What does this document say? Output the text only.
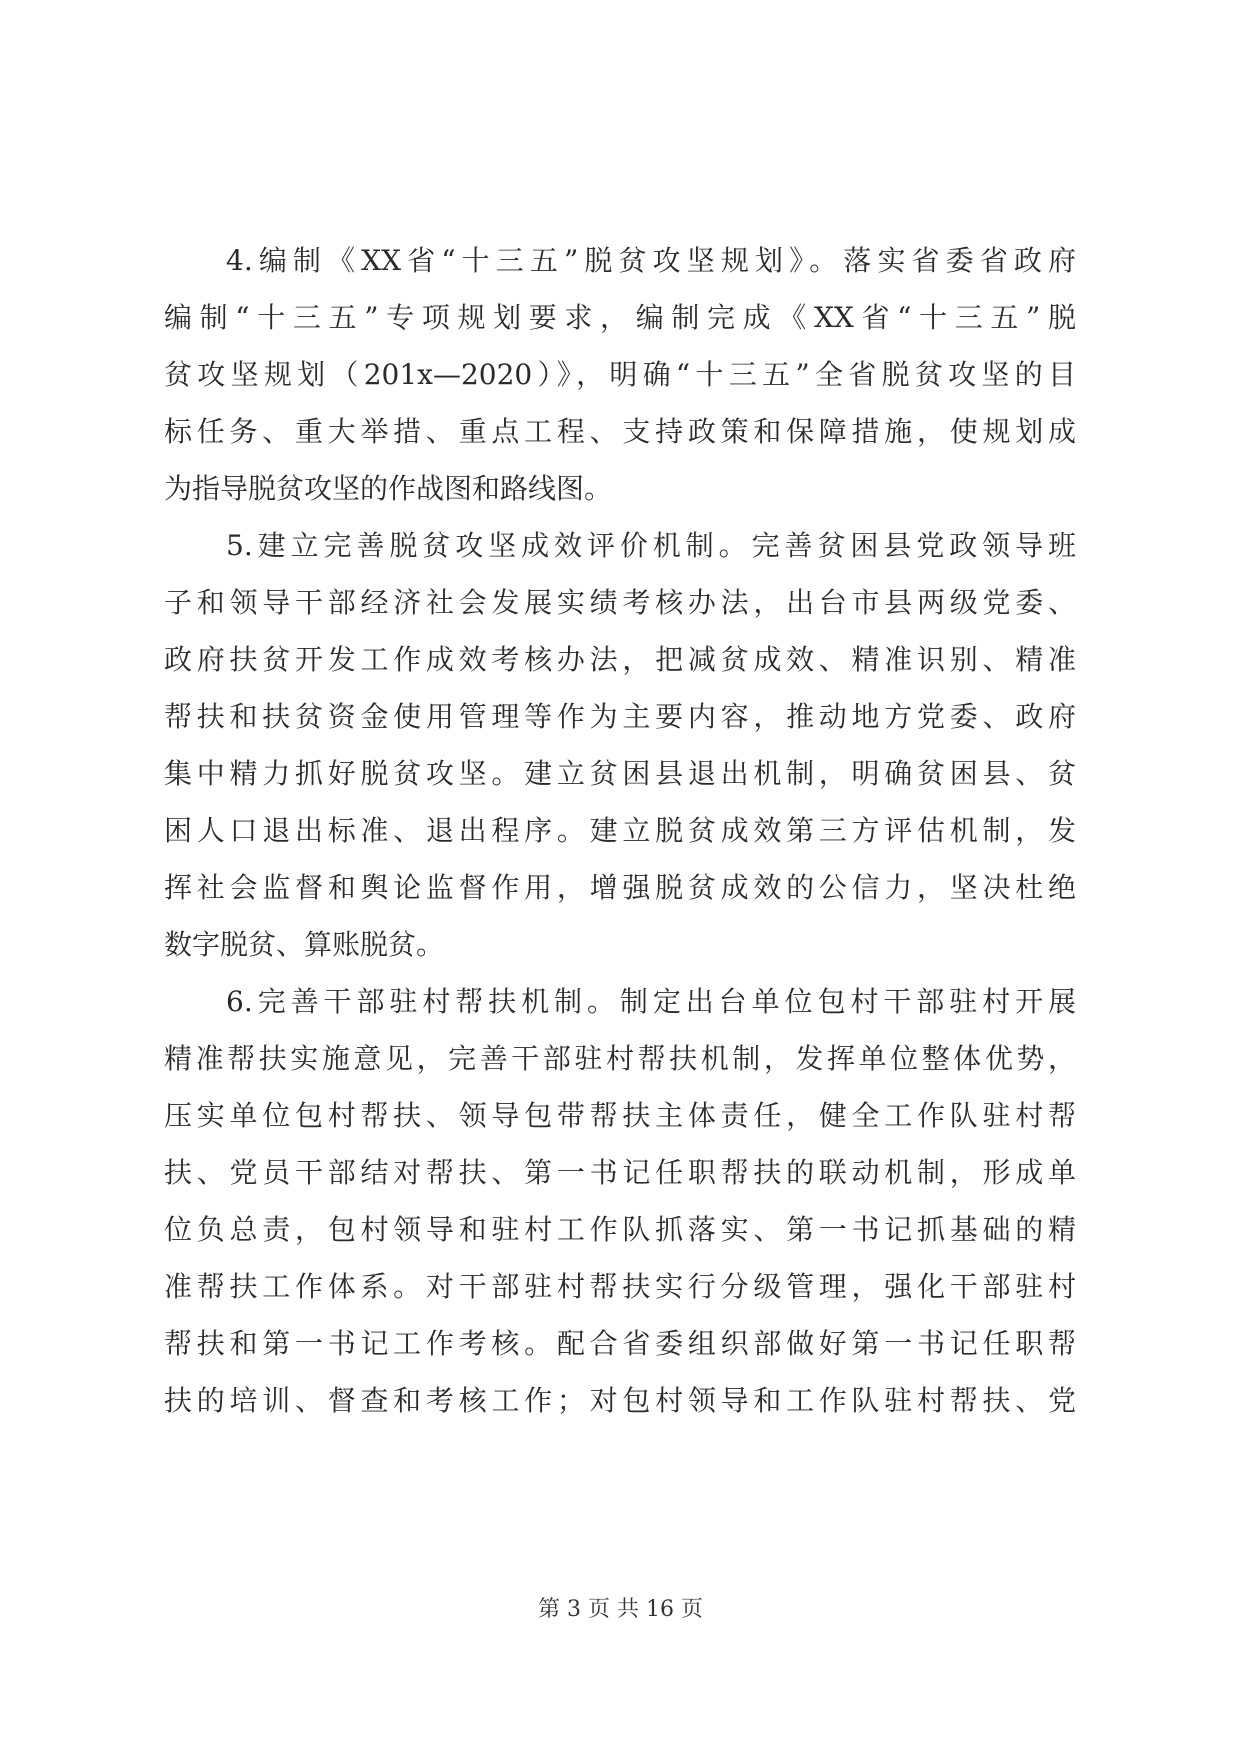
4.编制《XX省“十三五”脱贫攻坚规划》。落实省委省政府
编制“十三五”专项规划要求，编制完成《XX省“十三五”脱
贫攻坚规划（201x—2020）》，明确“十三五”全省脱贫攻坚的目
标任务、重大举措、重点工程、支持政策和保障措施，使规划成
为指导脱贫攻坚的作战图和路线图。
5.建立完善脱贫攻坚成效评价机制。完善贫困县党政领导班
子和领导干部经济社会发展实绩考核办法，出台市县两级党委、
政府扶贫开发工作成效考核办法，把减贫成效、精准识别、精准
帮扶和扶贫资金使用管理等作为主要内容，推动地方党委、政府
集中精力抓好脱贫攻坚。建立贫困县退出机制，明确贫困县、贫
困人口退出标准、退出程序。建立脱贫成效第三方评估机制，发
挥社会监督和舆论监督作用，增强脱贫成效的公信力，坚决杜绝
数字脱贫、算账脱贫。
6.完善干部驻村帮扶机制。制定出台单位包村干部驻村开展
精准帮扶实施意见，完善干部驻村帮扶机制，发挥单位整体优势，
压实单位包村帮扶、领导包带帮扶主体责任，健全工作队驻村帮
扶、党员干部结对帮扶、第一书记任职帮扶的联动机制，形成单
位负总责，包村领导和驻村工作队抓落实、第一书记抓基础的精
准帮扶工作体系。对干部驻村帮扶实行分级管理，强化干部驻村
帮扶和第一书记工作考核。配合省委组织部做好第一书记任职帮
扶的培训、督查和考核工作；对包村领导和工作队驻村帮扶、党
第 3 页 共 16 页
